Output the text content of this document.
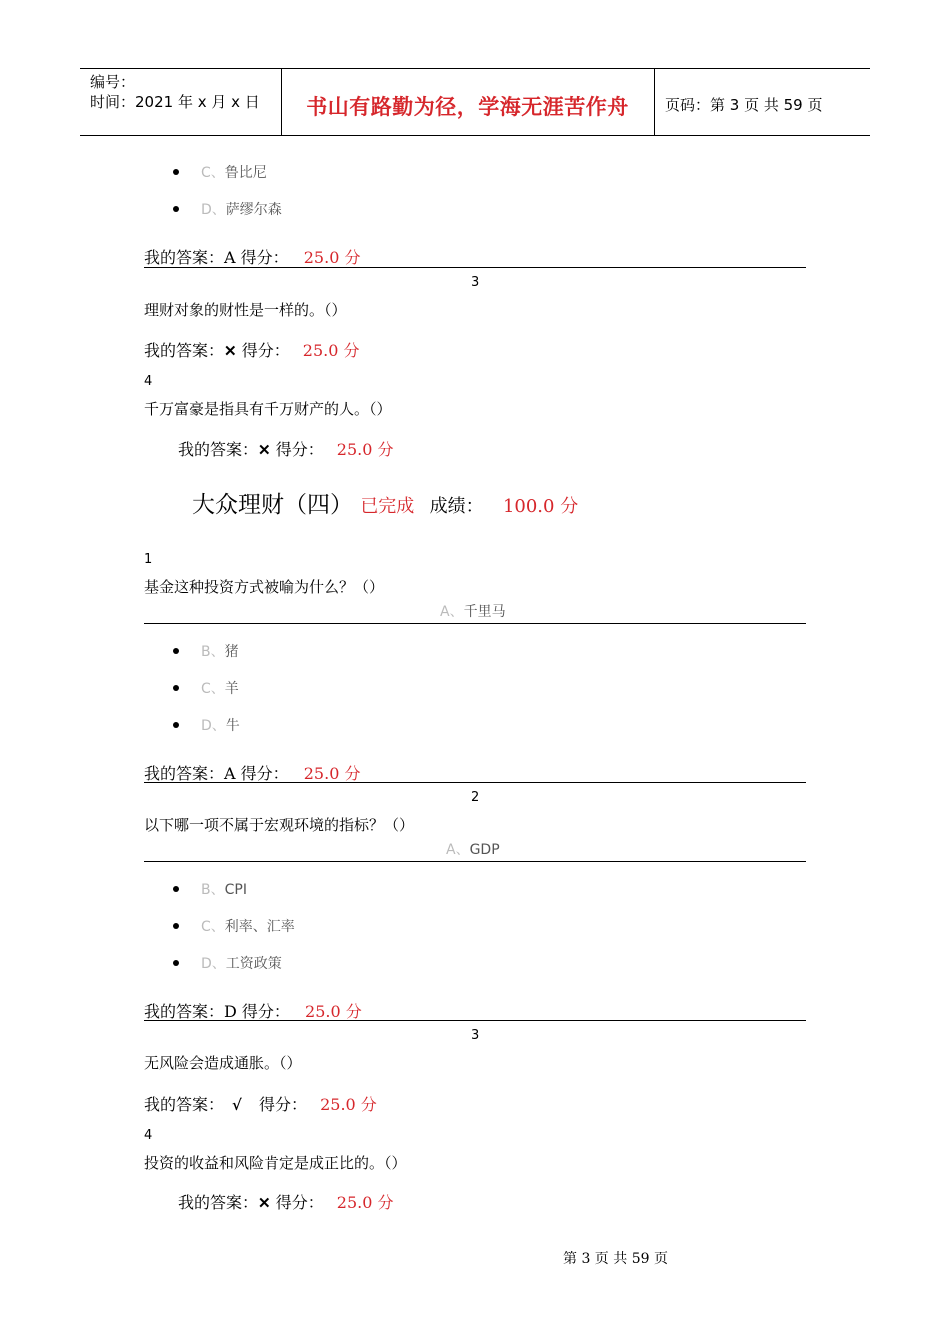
编号：
时间：2021 年 x 月 x 日	书山有路勤为径，学海无涯苦作舟	页码：第 3 页 共 59 页
C、鲁比尼
D、萨缪尔森
我的答案：A 得分： 25.0 分
3
理财对象的财性是一样的。（）
我的答案：✕ 得分： 25.0 分
4
千万富豪是指具有千万财产的人。（）
我的答案：✕ 得分： 25.0 分
大众理财（四） 已完成 成绩： 100.0 分
1
基金这种投资方式被喻为什么？（）
A、千里马
B、猪
C、羊
D、牛
我的答案：A 得分： 25.0 分
2
以下哪一项不属于宏观环境的指标？（）
A、GDP
B、CPI
C、利率、汇率
D、工资政策
我的答案：D 得分： 25.0 分
3
无风险会造成通胀。（）
我的答案： √ 得分： 25.0 分
4
投资的收益和风险肯定是成正比的。（）
我的答案：✕ 得分： 25.0 分
第 3 页 共 59 页
